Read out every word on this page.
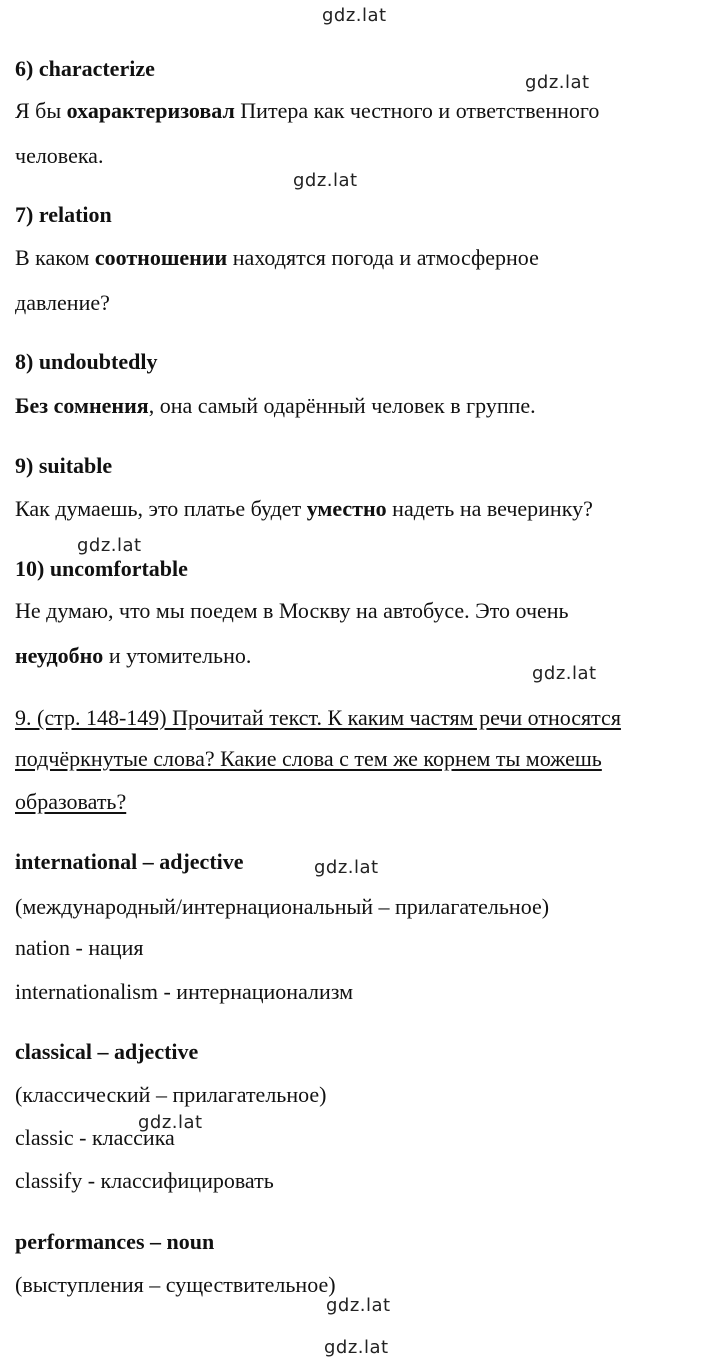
gdz.lat
gdz.lat
gdz.lat
gdz.lat
gdz.lat
gdz.lat
gdz.lat
gdz.lat
gdz.lat
6) characterize
Я бы охарактеризовал Питера как честного и ответственного
человека.
7) relation
В каком соотношении находятся погода и атмосферное
давление?
8) undoubtedly
Без сомнения, она самый одарённый человек в группе.
9) suitable
Как думаешь, это платье будет уместно надеть на вечеринку?
10) uncomfortable
Не думаю, что мы поедем в Москву на автобусе. Это очень
неудобно и утомительно.
9. (стр. 148-149) Прочитай текст. К каким частям речи относятся
подчёркнутые слова? Какие слова с тем же корнем ты можешь
образовать?
international – adjective
(международный/интернациональный – прилагательное)
nation - нация
internationalism - интернационализм
classical – adjective
(классический – прилагательное)
classic - классика
classify - классифицировать
performances – noun
(выступления – существительное)
